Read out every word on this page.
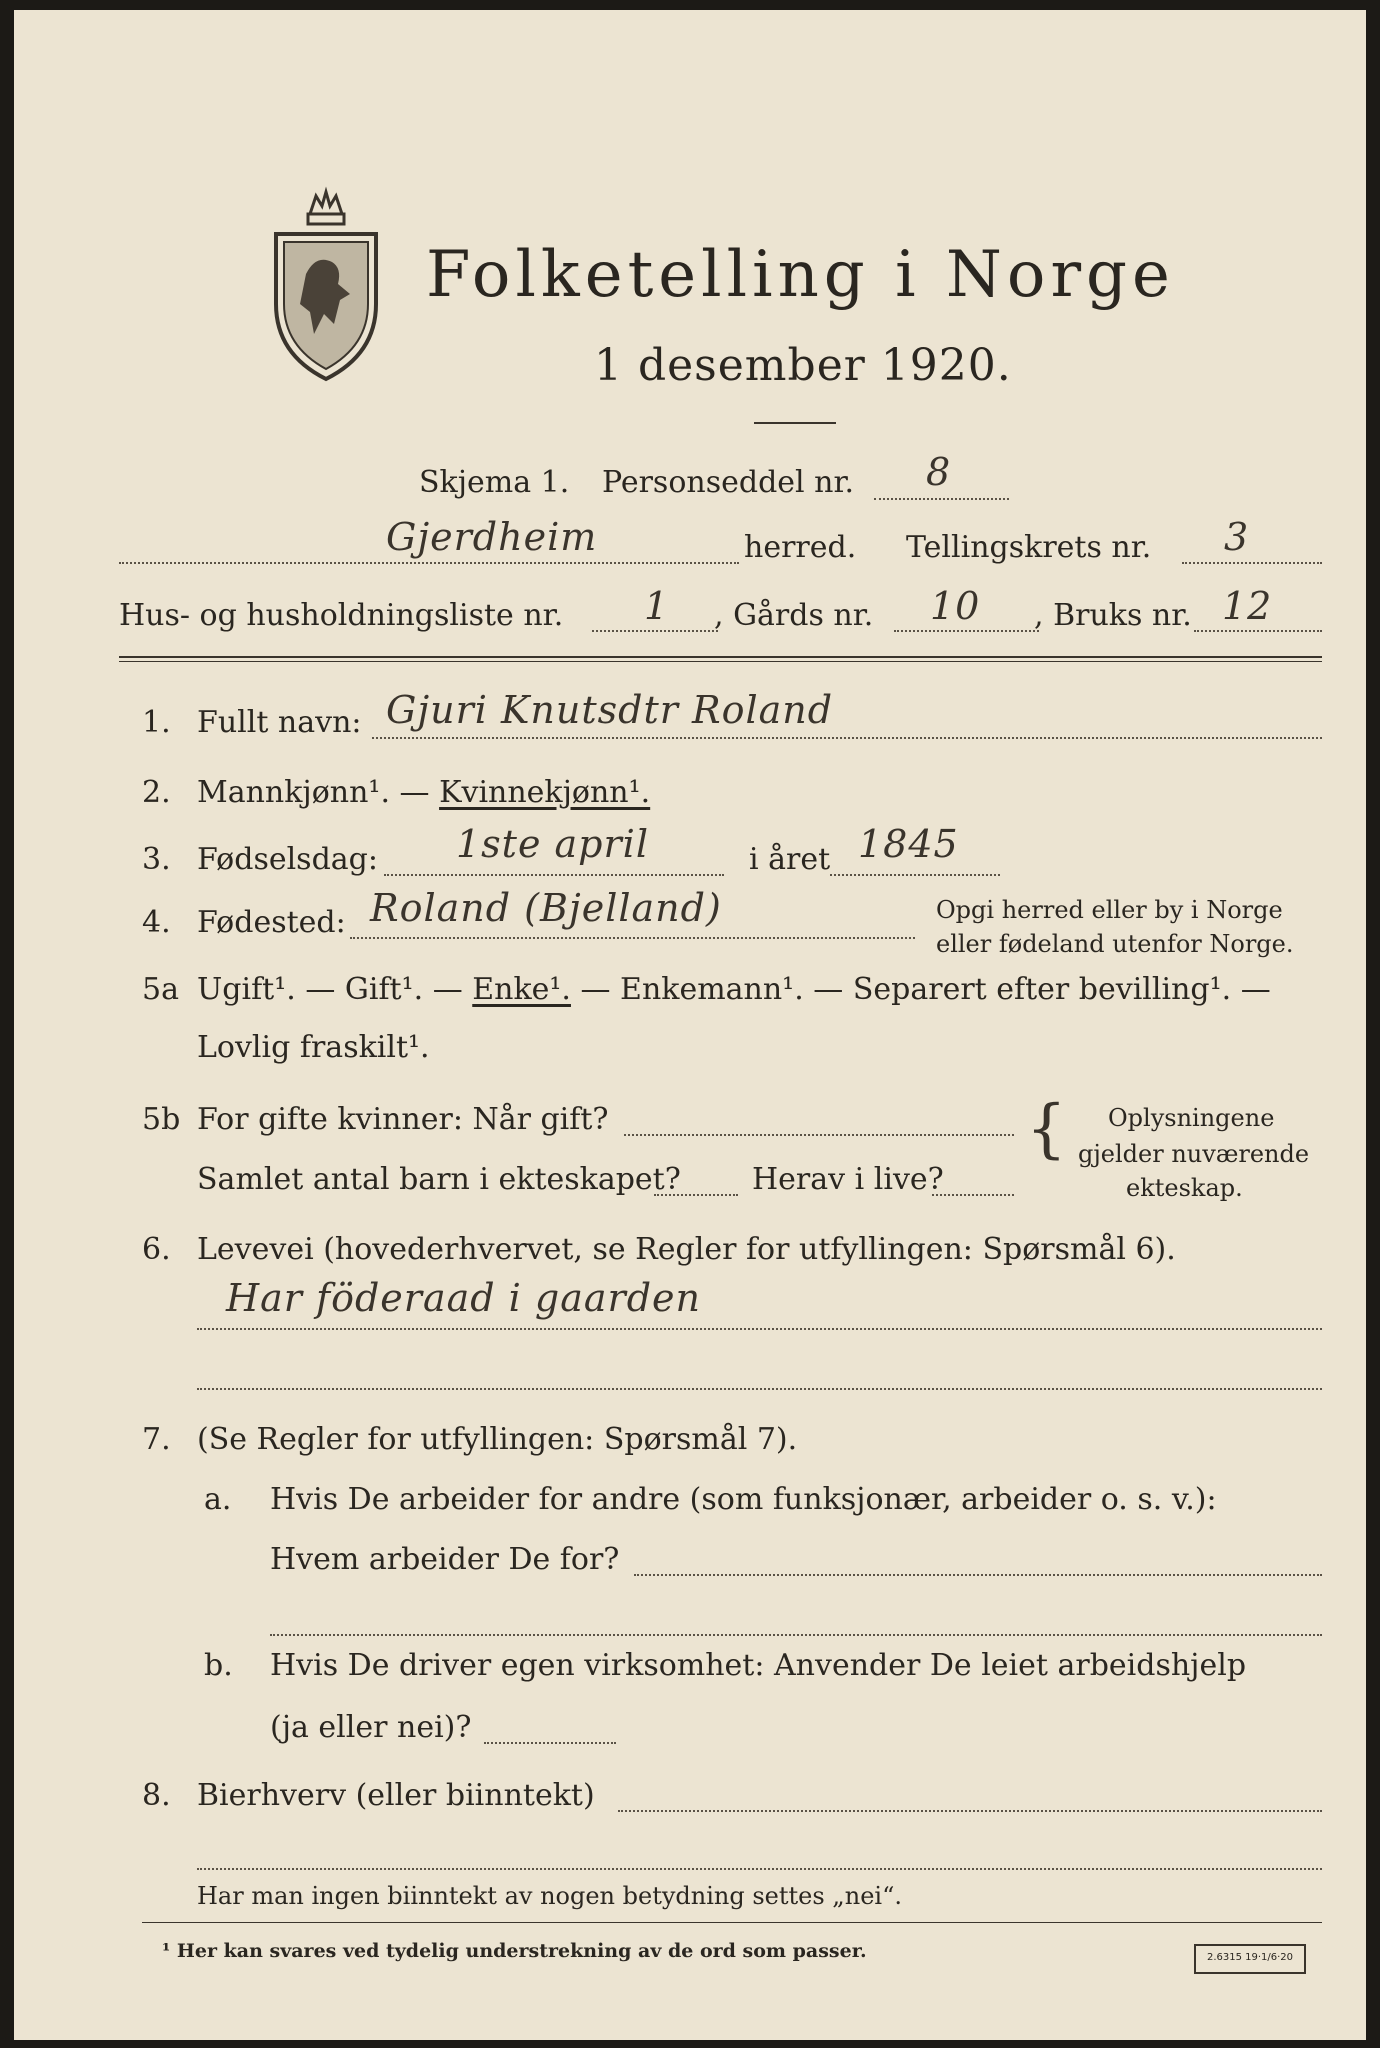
Folketelling i Norge
1 desember 1920.
Skjema 1. Personseddel nr. 8
Gjerdheim	herred. Tellingskrets nr. 3
Hus- og husholdningsliste nr. 1 , Gårds nr. 10 , Bruks nr. 12
1. Fullt navn: Gjuri Knutsdtr Roland
2. Mannkjønn¹. — Kvinnekjønn¹.
3. Fødselsdag: 1ste april	i året 1845
4. Fødested: Roland (Bjelland)	Opgi herred eller by i Norge
eller fødeland utenfor Norge.
5a Ugift¹. — Gift¹. — Enke¹. — Enkemann¹. — Separert efter bevilling¹. —
Lovlig fraskilt¹.
5b For gifte kvinner: Når gift?
Samlet antal barn i ekteskapet? Herav i live?
{ Oplysningene
gjelder nuværende
ekteskap.
6. Levevei (hovederhvervet, se Regler for utfyllingen: Spørsmål 6).
Har föderaad i gaarden
7. (Se Regler for utfyllingen: Spørsmål 7).
a. Hvis De arbeider for andre (som funksjonær, arbeider o. s. v.):
Hvem arbeider De for?
b. Hvis De driver egen virksomhet: Anvender De leiet arbeidshjelp
(ja eller nei)?
8. Bierhverv (eller biinntekt)
Har man ingen biinntekt av nogen betydning settes „nei“.
¹ Her kan svares ved tydelig understrekning av de ord som passer.	2.6315 19·1/6·20
